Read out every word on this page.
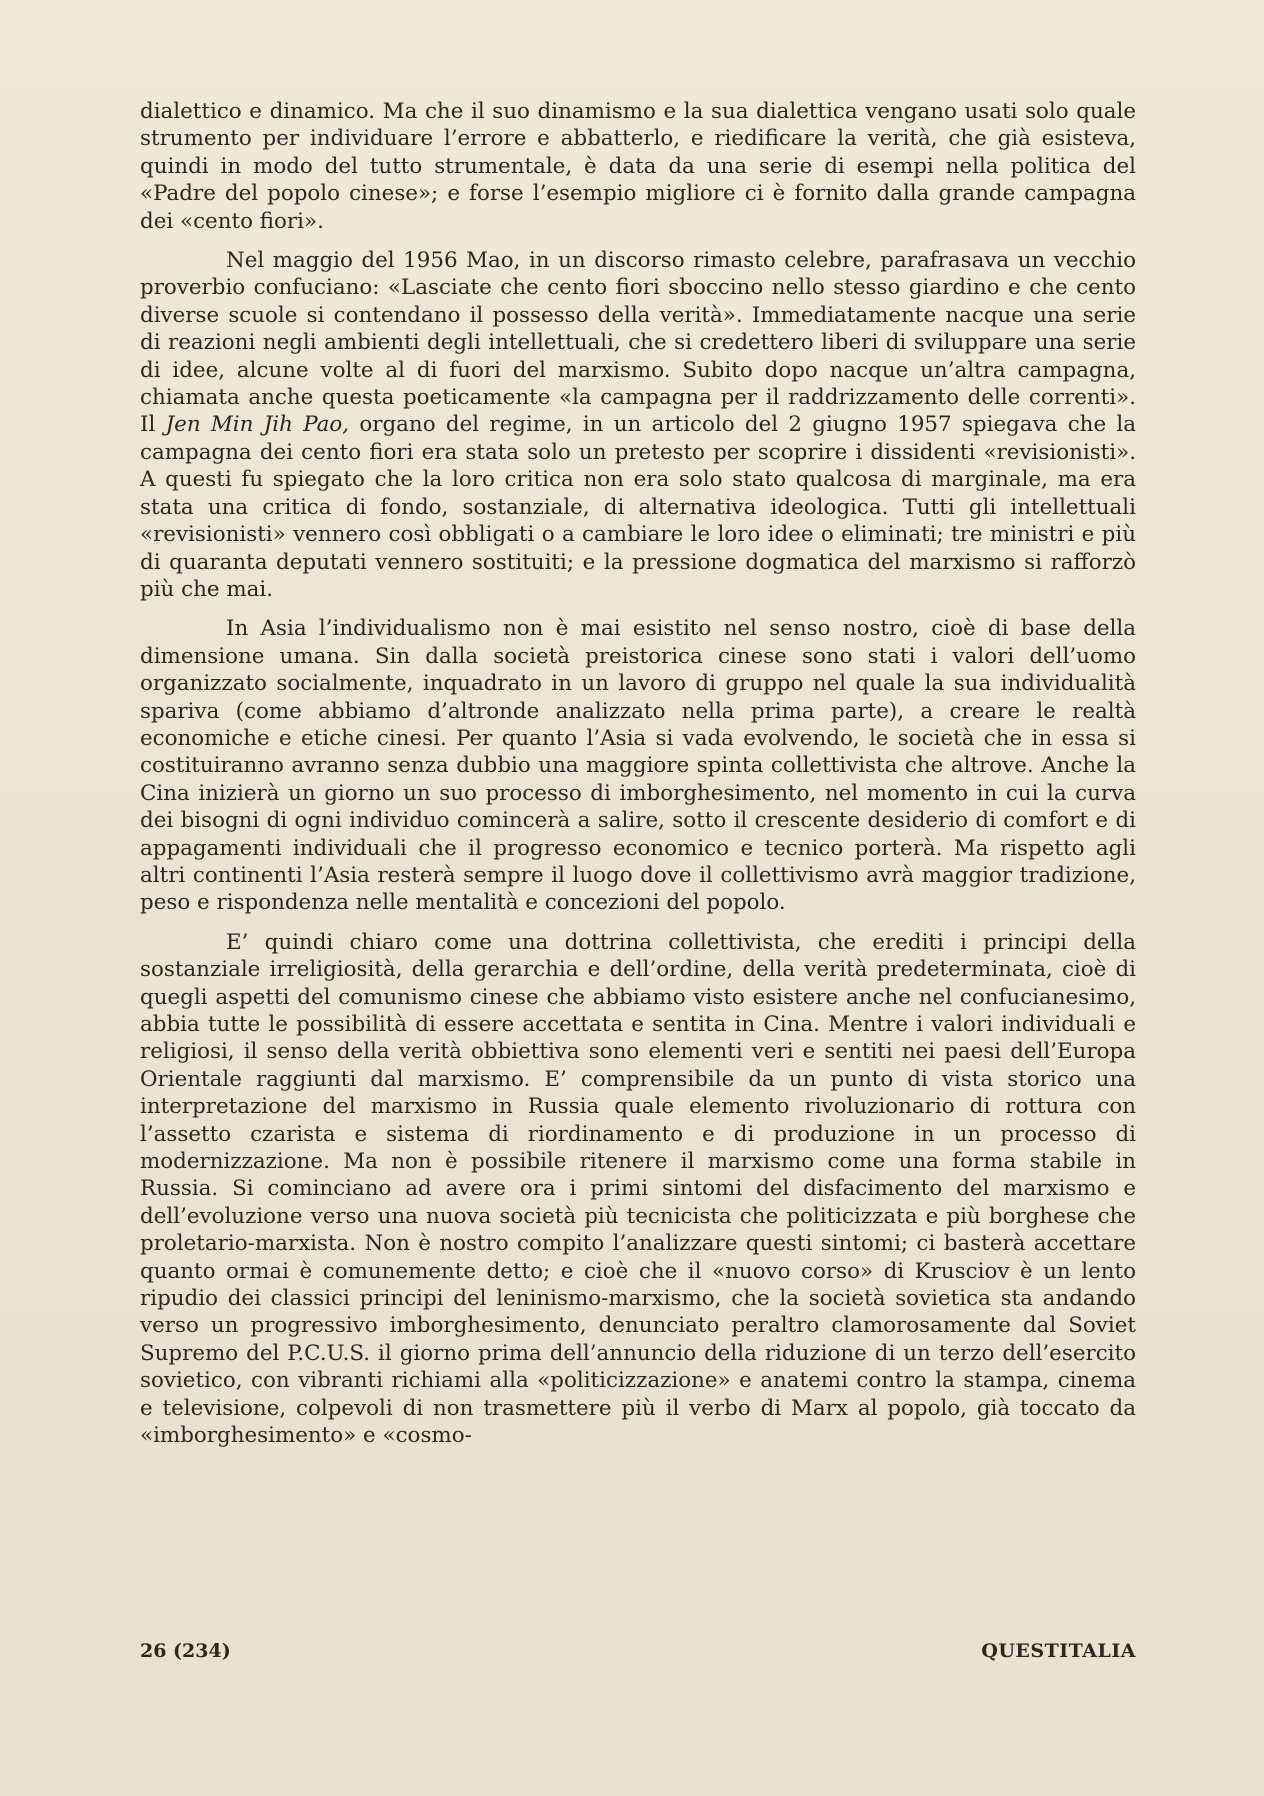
dialettico e dinamico. Ma che il suo dinamismo e la sua dialettica vengano usati solo quale strumento per individuare l’errore e abbatterlo, e riedificare la verità, che già esisteva, quindi in modo del tutto strumentale, è data da una serie di esempi nella politica del «Padre del popolo cinese»; e forse l’esempio migliore ci è fornito dalla grande campagna dei «cento fiori».

Nel maggio del 1956 Mao, in un discorso rimasto celebre, parafrasava un vecchio proverbio confuciano: «Lasciate che cento fiori sboccino nello stesso giardino e che cento diverse scuole si contendano il possesso della verità». Immediatamente nacque una serie di reazioni negli ambienti degli intellettuali, che si credettero liberi di sviluppare una serie di idee, alcune volte al di fuori del marxismo. Subito dopo nacque un’altra campagna, chiamata anche questa poeticamente «la campagna per il raddrizzamento delle correnti». Il Jen Min Jih Pao, organo del regime, in un articolo del 2 giugno 1957 spiegava che la campagna dei cento fiori era stata solo un pretesto per scoprire i dissidenti «revisionisti». A questi fu spiegato che la loro critica non era solo stato qualcosa di marginale, ma era stata una critica di fondo, sostanziale, di alternativa ideologica. Tutti gli intellettuali «revisionisti» vennero così obbligati o a cambiare le loro idee o eliminati; tre ministri e più di quaranta deputati vennero sostituiti; e la pressione dogmatica del marxismo si rafforzò più che mai.

In Asia l’individualismo non è mai esistito nel senso nostro, cioè di base della dimensione umana. Sin dalla società preistorica cinese sono stati i valori dell’uomo organizzato socialmente, inquadrato in un lavoro di gruppo nel quale la sua individualità spariva (come abbiamo d’altronde analizzato nella prima parte), a creare le realtà economiche e etiche cinesi. Per quanto l’Asia si vada evolvendo, le società che in essa si costituiranno avranno senza dubbio una maggiore spinta collettivista che altrove. Anche la Cina inizierà un giorno un suo processo di imborghesimento, nel momento in cui la curva dei bisogni di ogni individuo comincerà a salire, sotto il crescente desiderio di comfort e di appagamenti individuali che il progresso economico e tecnico porterà. Ma rispetto agli altri continenti l’Asia resterà sempre il luogo dove il collettivismo avrà maggior tradizione, peso e rispondenza nelle mentalità e concezioni del popolo.

E’ quindi chiaro come una dottrina collettivista, che erediti i principi della sostanziale irreligiosità, della gerarchia e dell’ordine, della verità predeterminata, cioè di quegli aspetti del comunismo cinese che abbiamo visto esistere anche nel confucianesimo, abbia tutte le possibilità di essere accettata e sentita in Cina. Mentre i valori individuali e religiosi, il senso della verità obbiettiva sono elementi veri e sentiti nei paesi dell’Europa Orientale raggiunti dal marxismo. E’ comprensibile da un punto di vista storico una interpretazione del marxismo in Russia quale elemento rivoluzionario di rottura con l’assetto czarista e sistema di riordinamento e di produzione in un processo di modernizzazione. Ma non è possibile ritenere il marxismo come una forma stabile in Russia. Si cominciano ad avere ora i primi sintomi del disfacimento del marxismo e dell’evoluzione verso una nuova società più tecnicista che politicizzata e più borghese che proletario-marxista. Non è nostro compito l’analizzare questi sintomi; ci basterà accettare quanto ormai è comunemente detto; e cioè che il «nuovo corso» di Krusciov è un lento ripudio dei classici principi del leninismo-marxismo, che la società sovietica sta andando verso un progressivo imborghesimento, denunciato peraltro clamorosamente dal Soviet Supremo del P.C.U.S. il giorno prima dell’annuncio della riduzione di un terzo dell’esercito sovietico, con vibranti richiami alla «politicizzazione» e anatemi contro la stampa, cinema e televisione, colpevoli di non trasmettere più il verbo di Marx al popolo, già toccato da «imborghesimento» e «cosmo-

26 (234)	QUESTITALIA
